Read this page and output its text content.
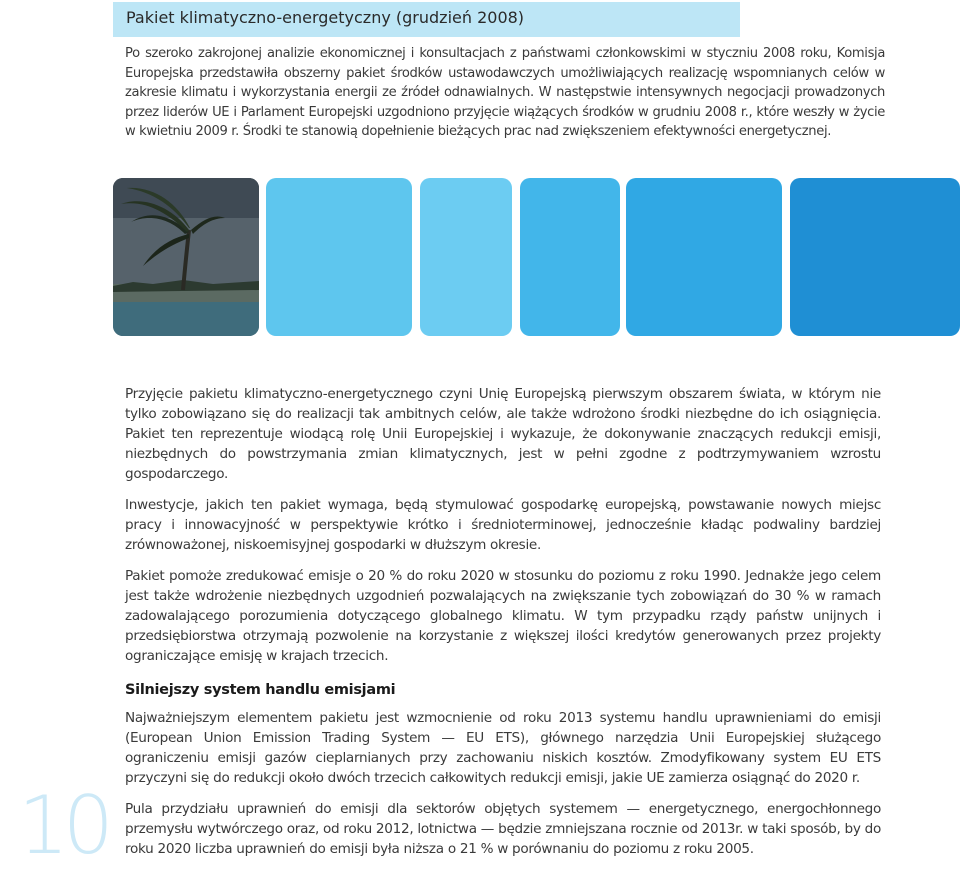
Pakiet klimatyczno-energetyczny (grudzień 2008)

Po szeroko zakrojonej analizie ekonomicznej i konsultacjach z państwami członkowskimi w styczniu 2008 roku, Komisja Europejska przedstawiła obszerny pakiet środków ustawodawczych umożliwiających realizację wspomnianych celów w zakresie klimatu i wykorzystania energii ze źródeł odnawialnych. W następstwie intensywnych negocjacji prowadzonych przez liderów UE i Parlament Europejski uzgodniono przyjęcie wiążących środków w grudniu 2008 r., które weszły w życie w kwietniu 2009 r. Środki te stanowią dopełnienie bieżących prac nad zwiększeniem efektywności energetycznej.

Przyjęcie pakietu klimatyczno-energetycznego czyni Unię Europejską pierwszym obszarem świata, w którym nie tylko zobowiązano się do realizacji tak ambitnych celów, ale także wdrożono środki niezbędne do ich osiągnięcia. Pakiet ten reprezentuje wiodącą rolę Unii Europejskiej i wykazuje, że dokonywanie znaczących redukcji emisji, niezbędnych do powstrzymania zmian klimatycznych, jest w pełni zgodne z podtrzymywaniem wzrostu gospodarczego.

Inwestycje, jakich ten pakiet wymaga, będą stymulować gospodarkę europejską, powstawanie nowych miejsc pracy i innowacyjność w perspektywie krótko i średnioterminowej, jednocześnie kładąc podwaliny bardziej zrównoważonej, niskoemisyjnej gospodarki w dłuższym okresie.

Pakiet pomoże zredukować emisje o 20 % do roku 2020 w stosunku do poziomu z roku 1990. Jednakże jego celem jest także wdrożenie niezbędnych uzgodnień pozwalających na zwiększanie tych zobowiązań do 30 % w ramach zadowalającego porozumienia dotyczącego globalnego klimatu. W tym przypadku rządy państw unijnych i przedsiębiorstwa otrzymają pozwolenie na korzystanie z większej ilości kredytów generowanych przez projekty ograniczające emisję w krajach trzecich.

Silniejszy system handlu emisjami

Najważniejszym elementem pakietu jest wzmocnienie od roku 2013 systemu handlu uprawnieniami do emisji (European Union Emission Trading System — EU ETS), głównego narzędzia Unii Europejskiej służącego ograniczeniu emisji gazów cieplarnianych przy zachowaniu niskich kosztów. Zmodyfikowany system EU ETS przyczyni się do redukcji około dwóch trzecich całkowitych redukcji emisji, jakie UE zamierza osiągnąć do 2020 r.

Pula przydziału uprawnień do emisji dla sektorów objętych systemem — energetycznego, energochłonnego przemysłu wytwórczego oraz, od roku 2012, lotnictwa — będzie zmniejszana rocznie od 2013r. w taki sposób, by do roku 2020 liczba uprawnień do emisji była niższa o 21 % w porównaniu do poziomu z roku 2005.

10
